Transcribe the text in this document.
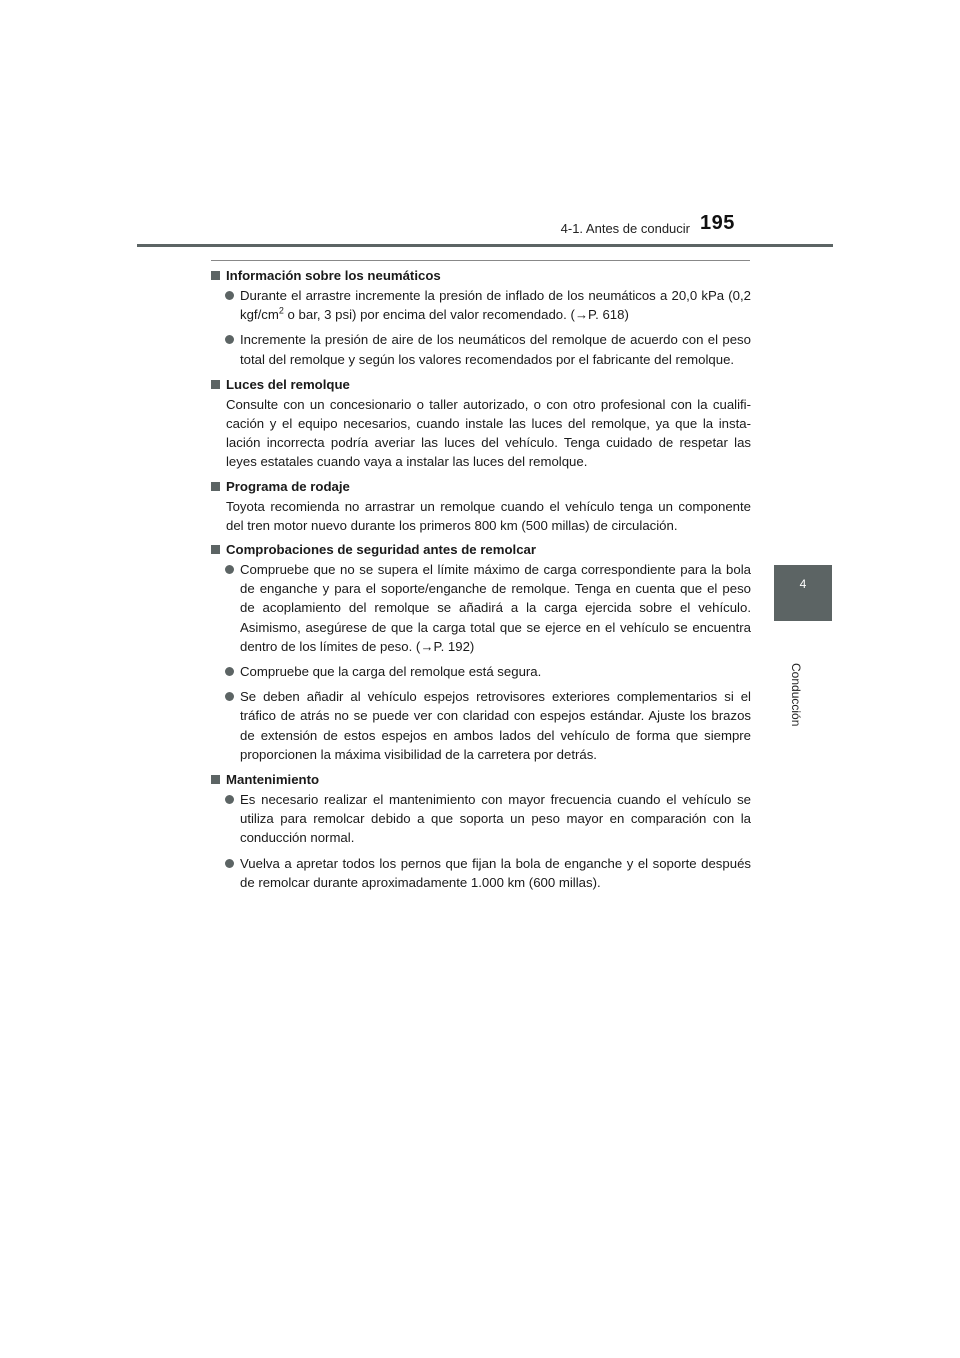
4-1. Antes de conducir 195
4
Conducción
Información sobre los neumáticos
Durante el arrastre incremente la presión de inflado de los neumáticos a 20,0 kPa (0,2 kgf/$cm^2$ o bar, 3 psi) por encima del valor recomendado. (→P. 618)
Incremente la presión de aire de los neumáticos del remolque de acuerdo con el peso total del remolque y según los valores recomendados por el fabricante del remolque.
Luces del remolque
Consulte con un concesionario o taller autorizado, o con otro profesional con la cualifi-cación y el equipo necesarios, cuando instale las luces del remolque, ya que la insta-lación incorrecta podría averiar las luces del vehículo. Tenga cuidado de respetar las leyes estatales cuando vaya a instalar las luces del remolque.
Programa de rodaje
Toyota recomienda no arrastrar un remolque cuando el vehículo tenga un componente del tren motor nuevo durante los primeros 800 km (500 millas) de circulación.
Comprobaciones de seguridad antes de remolcar
Compruebe que no se supera el límite máximo de carga correspondiente para la bola de enganche y para el soporte/enganche de remolque. Tenga en cuenta que el peso de acoplamiento del remolque se añadirá a la carga ejercida sobre el vehículo. Asimismo, asegúrese de que la carga total que se ejerce en el vehículo se encuentra dentro de los límites de peso. (→P. 192)
Compruebe que la carga del remolque está segura.
Se deben añadir al vehículo espejos retrovisores exteriores complementarios si el tráfico de atrás no se puede ver con claridad con espejos estándar. Ajuste los brazos de extensión de estos espejos en ambos lados del vehículo de forma que siempre proporcionen la máxima visibilidad de la carretera por detrás.
Mantenimiento
Es necesario realizar el mantenimiento con mayor frecuencia cuando el vehículo se utiliza para remolcar debido a que soporta un peso mayor en comparación con la conducción normal.
Vuelva a apretar todos los pernos que fijan la bola de enganche y el soporte después de remolcar durante aproximadamente 1.000 km (600 millas).
